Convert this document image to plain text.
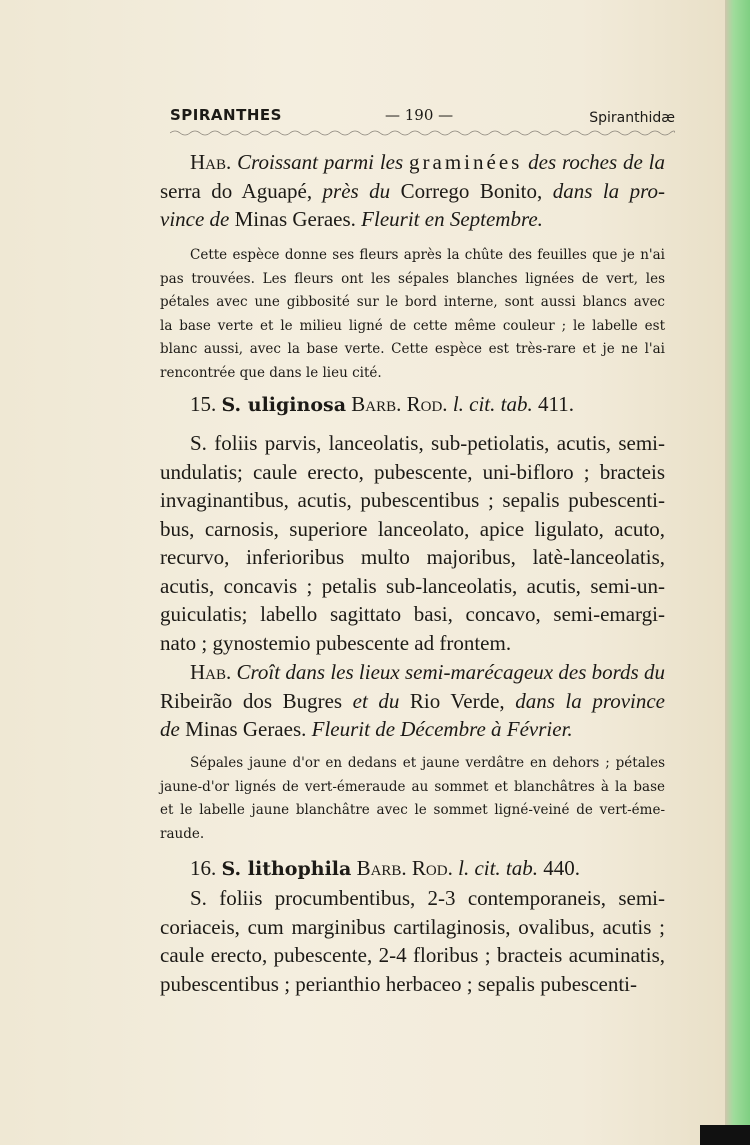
SPIRANTHES	— 190 —	Spiranthidæ
Hab. Croissant parmi les graminées des roches de la
serra do Aguapé, près du Corrego Bonito, dans la pro-
vince de Minas Geraes. Fleurit en Septembre.
Cette espèce donne ses fleurs après la chûte des feuilles que je n'ai
pas trouvées. Les fleurs ont les sépales blanches lignées de vert, les
pétales avec une gibbosité sur le bord interne, sont aussi blancs avec
la base verte et le milieu ligné de cette même couleur ; le labelle est
blanc aussi, avec la base verte. Cette espèce est très-rare et je ne l'ai
rencontrée que dans le lieu cité.
15. S. uliginosa Barb. Rod. l. cit. tab. 411.
S. foliis parvis, lanceolatis, sub-petiolatis, acutis, semi-
undulatis; caule erecto, pubescente, uni-bifloro ; bracteis
invaginantibus, acutis, pubescentibus ; sepalis pubescenti-
bus, carnosis, superiore lanceolato, apice ligulato, acuto,
recurvo, inferioribus multo majoribus, latè-lanceolatis,
acutis, concavis ; petalis sub-lanceolatis, acutis, semi-un-
guiculatis; labello sagittato basi, concavo, semi-emargi-
nato ; gynostemio pubescente ad frontem.
Hab. Croît dans les lieux semi-marécageux des bords du
Ribeirão dos Bugres et du Rio Verde, dans la province
de Minas Geraes. Fleurit de Décembre à Février.
Sépales jaune d'or en dedans et jaune verdâtre en dehors ; pétales
jaune-d'or lignés de vert-émeraude au sommet et blanchâtres à la base
et le labelle jaune blanchâtre avec le sommet ligné-veiné de vert-éme-
raude.
16. S. lithophila Barb. Rod. l. cit. tab. 440.
S. foliis procumbentibus, 2-3 contemporaneis, semi-
coriaceis, cum marginibus cartilaginosis, ovalibus, acutis ;
caule erecto, pubescente, 2-4 floribus ; bracteis acuminatis,
pubescentibus ; perianthio herbaceo ; sepalis pubescenti-
